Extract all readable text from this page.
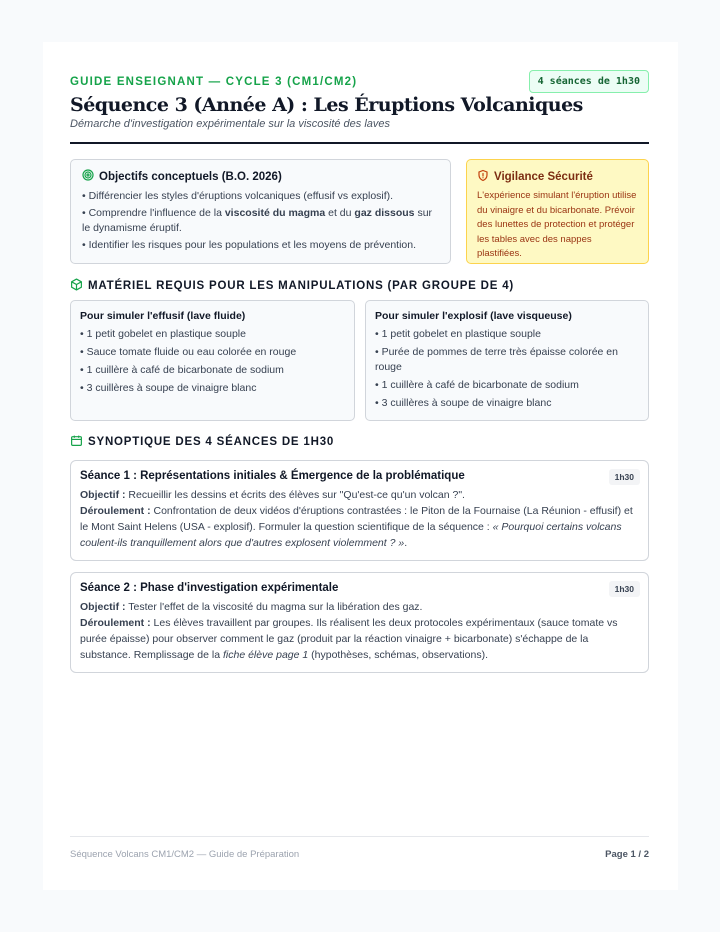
GUIDE ENSEIGNANT — CYCLE 3 (CM1/CM2)	4 séances de 1h30
Séquence 3 (Année A) : Les Éruptions Volcaniques
Démarche d'investigation expérimentale sur la viscosité des laves
Objectifs conceptuels (B.O. 2026)
• Différencier les styles d'éruptions volcaniques (effusif vs explosif).
• Comprendre l'influence de la viscosité du magma et du gaz dissous sur le dynamisme éruptif.
• Identifier les risques pour les populations et les moyens de prévention.
Vigilance Sécurité
L'expérience simulant l'éruption utilise du vinaigre et du bicarbonate. Prévoir des lunettes de protection et protéger les tables avec des nappes plastifiées.
MATÉRIEL REQUIS POUR LES MANIPULATIONS (PAR GROUPE DE 4)
Pour simuler l'effusif (lave fluide)
• 1 petit gobelet en plastique souple
• Sauce tomate fluide ou eau colorée en rouge
• 1 cuillère à café de bicarbonate de sodium
• 3 cuillères à soupe de vinaigre blanc
Pour simuler l'explosif (lave visqueuse)
• 1 petit gobelet en plastique souple
• Purée de pommes de terre très épaisse colorée en rouge
• 1 cuillère à café de bicarbonate de sodium
• 3 cuillères à soupe de vinaigre blanc
SYNOPTIQUE DES 4 SÉANCES DE 1H30
Séance 1 : Représentations initiales & Émergence de la problématique	1h30
Objectif : Recueillir les dessins et écrits des élèves sur "Qu'est-ce qu'un volcan ?".
Déroulement : Confrontation de deux vidéos d'éruptions contrastées : le Piton de la Fournaise (La Réunion - effusif) et le Mont Saint Helens (USA - explosif). Formuler la question scientifique de la séquence : « Pourquoi certains volcans coulent-ils tranquillement alors que d'autres explosent violemment ? ».
Séance 2 : Phase d'investigation expérimentale	1h30
Objectif : Tester l'effet de la viscosité du magma sur la libération des gaz.
Déroulement : Les élèves travaillent par groupes. Ils réalisent les deux protocoles expérimentaux (sauce tomate vs purée épaisse) pour observer comment le gaz (produit par la réaction vinaigre + bicarbonate) s'échappe de la substance. Remplissage de la fiche élève page 1 (hypothèses, schémas, observations).
Séquence Volcans CM1/CM2 — Guide de Préparation	Page 1 / 2
